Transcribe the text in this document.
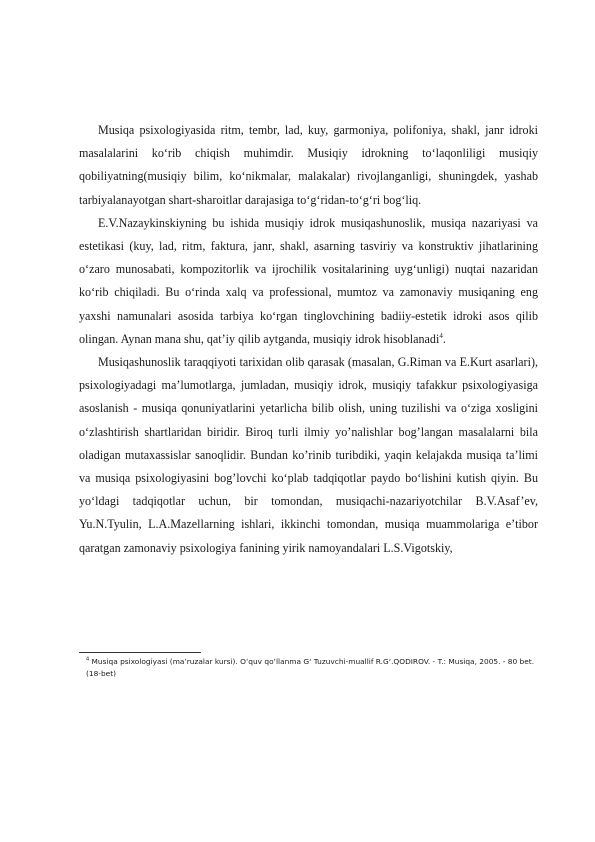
Musiqa psixologiyasida ritm, tembr, lad, kuy, garmoniya, polifoniya, shakl, janr idroki masalalarini koʻrib chiqish muhimdir. Musiqiy idrokning toʻlaqonliligi musiqiy qobiliyatning(musiqiy bilim, koʻnikmalar, malakalar) rivojlanganligi, shuningdek, yashab tarbiyalanayotgan shart-sharoitlar darajasiga toʻgʻridan-toʻgʻri bogʻliq.

E.V.Nazaykinskiyning bu ishida musiqiy idrok musiqashunoslik, musiqa nazariyasi va estetikasi (kuy, lad, ritm, faktura, janr, shakl, asarning tasviriy va konstruktiv jihatlarining oʻzaro munosabati, kompozitorlik va ijrochilik vositalarining uygʻunligi) nuqtai nazaridan koʻrib chiqiladi. Bu oʻrinda xalq va professional, mumtoz va zamonaviy musiqaning eng yaxshi namunalari asosida tarbiya koʻrgan tinglovchining badiiy-estetik idroki asos qilib olingan. Aynan mana shu, qat’iy qilib aytganda, musiqiy idrok hisoblanadi$^4$.

Musiqashunoslik taraqqiyoti tarixidan olib qarasak (masalan, G.Riman va E.Kurt asarlari), psixologiyadagi ma’lumotlarga, jumladan, musiqiy idrok, musiqiy tafakkur psixologiyasiga asoslanish - musiqa qonuniyatlarini yetarlicha bilib olish, uning tuzilishi va oʻziga xosligini oʻzlashtirish shartlaridan biridir. Biroq turli ilmiy yoʼnalishlar bogʼlangan masalalarni bila oladigan mutaxassislar sanoqlidir. Bundan koʼrinib turibdiki, yaqin kelajakda musiqa taʼlimi va musiqa psixologiyasini bogʼlovchi koʻplab tadqiqotlar paydo boʻlishini kutish qiyin. Bu yoʻldagi tadqiqotlar uchun, bir tomondan, musiqachi-nazariyotchilar B.V.Asaf’ev, Yu.N.Tyulin, L.A.Mazellarning ishlari, ikkinchi tomondan, musiqa muammolariga eʼtibor qaratgan zamonaviy psixologiya fanining yirik namoyandalari L.S.Vigotskiy,

$^4$ Musiqa psixologiyasi (maʼruzalar kursi). Oʻquv qoʻllanma G‘ Tuzuvchi-muallif R.G‘.QODIROV. - T.: Musiqa, 2005. - 80 bet. (18-bet)
